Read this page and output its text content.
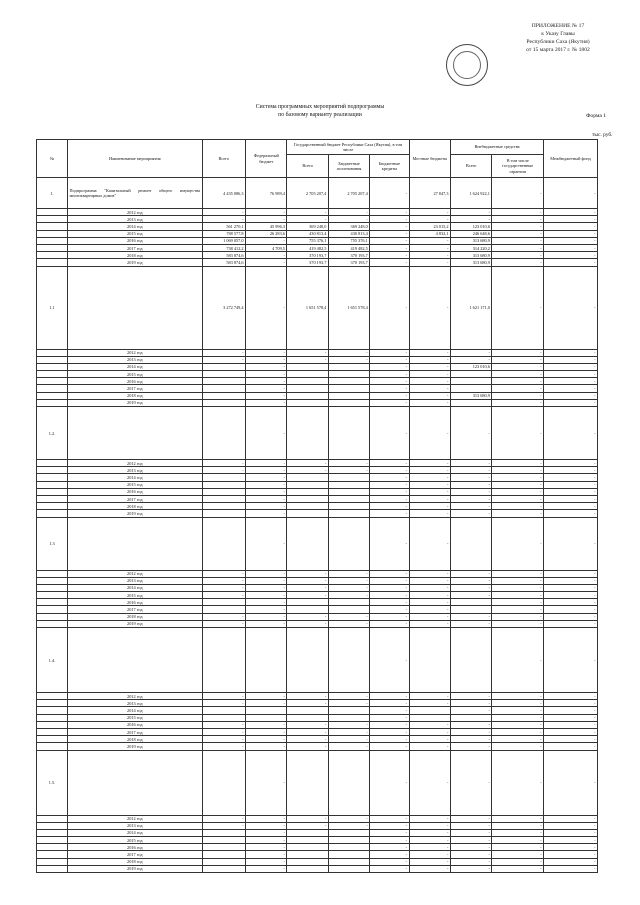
ПРИЛОЖЕНИЕ № 17
к Указу Главы
Республики Саха (Якутия)
от 15 марта 2017 г. № 1802
Система программных мероприятий подпрограммы
по базовому варианту реализации	Форма 1
тыс. руб.
№	Наименование мероприятия	Всего	Федеральный бюджет	Государственный бюджет Республики Саха (Якутия), в том числе			Местные бюджеты	Внебюджетные средства		Межбюджетный фонд
				Всего	Бюджетные ассигнования	Бюджетные кредиты		Всего	В том числе государственные гарантии	
1.	Подпрограмма "Капитальный ремонт общего имущества многоквартирных домов"	4 435 086,3	76 989,4	2 705 207,4	2 705 207,4	-	27 847,3	1 624 922,1	-	-
	2012 год	-	-	-	-	-	-	-	-	-
	2013 год	-	-	-	-	-	-	-	-	-
	2014 год	561 270,1	45 996,3	369 248,0	369 248,0	-	23 015,2	123 010,6	-	-
	2015 год	788 577,8	26 283,6	430 813,4	430 813,4	-	4 832,1	246 648,6	-	-
	2016 год	1 069 057,0	-	755 376,1	755 376,1	-	-	313 680,9	-	-
	2017 год	738 412,2	4 709,5	419 482,5	419 482,5	-	-	314 220,2	-	-
	2018 год	583 874,6	-	370 193,7	370 193,7	-	-	313 680,9	-	-
	2019 год	583 874,6	-	370 193,7	370 193,7	-	-	313 680,9	-	-
1.1		3 272 749,4	-	1 651 578,4	1 651 578,4	-	-	1 621 171,0	-	-
	2012 год	-	-	-	-	-	-	-	-	-
	2013 год	-	-	-	-	-	-	-	-	-
	2014 год		-			-	-	123 010,6	-	-
	2015 год		-			-	-		-	-
	2016 год		-			-	-		-	-
	2017 год		-			-	-		-	-
	2018 год		-			-	-	313 680,9	-	-
	2019 год		-			-	-		-	-
1.2.			-			-	-	-	-	-
	2012 год	-	-	-	-	-	-	-	-	-
	2013 год	-	-	-	-	-	-	-	-	-
	2014 год		-			-	-	-	-	-
	2015 год		-			-	-	-	-	-
	2016 год		-			-	-	-	-	-
	2017 год		-			-	-	-	-	-
	2018 год		-			-	-	-	-	-
	2019 год		-			-	-	-	-	-
1.3			-			-	-		-	-
	2012 год	-	-	-	-	-	-	-	-	-
	2013 год	-	-	-	-	-	-	-	-	-
	2014 год	-	-	-	-	-	-	-	-	-
	2015 год	-	-	-	-	-	-	-	-	-
	2016 год		-			-	-		-	-
	2017 год		-			-	-		-	-
	2018 год	-	-	-	-	-	-	-	-	-
	2019 год	-	-	-	-	-	-	-	-	-
1.4.						-			-	-
	2012 год	-	-	-	-	-	-	-	-	-
	2013 год	-	-	-	-	-	-	-	-	-
	2014 год					-		-	-	-
	2015 год					-			-	-
	2016 год	-	-	-	-	-	-	-	-	-
	2017 год	-	-	-	-	-	-	-	-	-
	2018 год	-	-	-	-	-	-	-	-	-
	2019 год	-	-	-	-	-	-	-	-	-
1.5.			-			-	-	-	-	-
	2012 год	-	-	-	-	-	-	-	-	-
	2013 год	-	-	-	-	-	-	-	-	-
	2014 год		-			-	-	-	-	-
	2015 год		-			-	-	-	-	-
	2016 год		-			-	-	-	-	-
	2017 год		-			-	-	-	-	-
	2018 год		-			-	-	-	-	-
	2019 год		-			-	-	-	-	-
